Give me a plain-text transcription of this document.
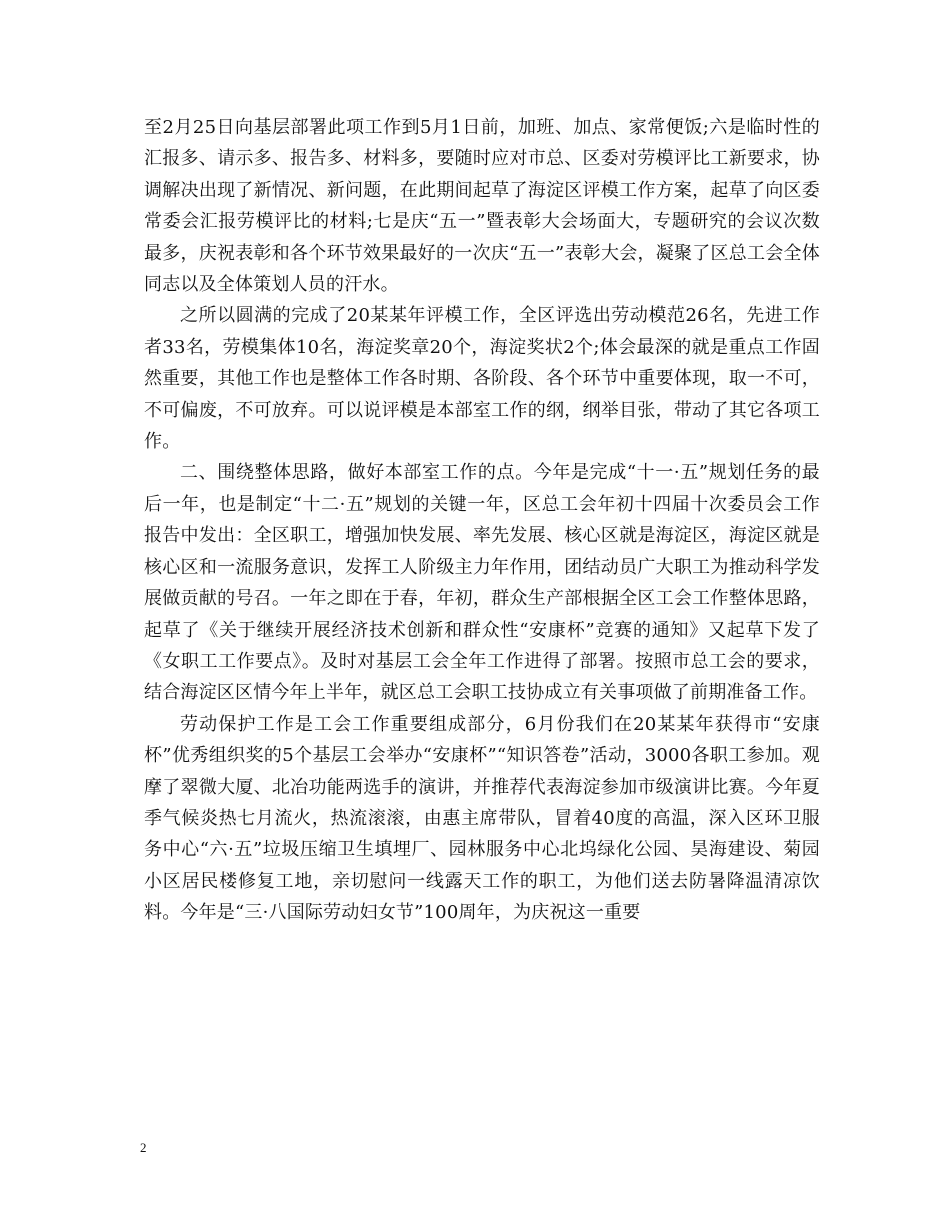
至2月25日向基层部署此项工作到5月1日前，加班、加点、家常便饭;六是临时性的汇报多、请示多、报告多、材料多，要随时应对市总、区委对劳模评比工新要求，协调解决出现了新情况、新问题，在此期间起草了海淀区评模工作方案，起草了向区委常委会汇报劳模评比的材料;七是庆“五一”暨表彰大会场面大，专题研究的会议次数最多，庆祝表彰和各个环节效果最好的一次庆“五一”表彰大会，凝聚了区总工会全体同志以及全体策划人员的汗水。

之所以圆满的完成了20某某年评模工作，全区评选出劳动模范26名，先进工作者33名，劳模集体10名，海淀奖章20个，海淀奖状2个;体会最深的就是重点工作固然重要，其他工作也是整体工作各时期、各阶段、各个环节中重要体现，取一不可，不可偏废，不可放弃。可以说评模是本部室工作的纲，纲举目张，带动了其它各项工作。

二、围绕整体思路，做好本部室工作的点。今年是完成“十一·五”规划任务的最后一年，也是制定“十二·五”规划的关键一年，区总工会年初十四届十次委员会工作报告中发出：全区职工，增强加快发展、率先发展、核心区就是海淀区，海淀区就是核心区和一流服务意识，发挥工人阶级主力年作用，团结动员广大职工为推动科学发展做贡献的号召。一年之即在于春，年初，群众生产部根据全区工会工作整体思路，起草了《关于继续开展经济技术创新和群众性“安康杯”竞赛的通知》又起草下发了《女职工工作要点》。及时对基层工会全年工作进得了部署。按照市总工会的要求，结合海淀区区情今年上半年，就区总工会职工技协成立有关事项做了前期准备工作。

劳动保护工作是工会工作重要组成部分，6月份我们在20某某年获得市“安康杯”优秀组织奖的5个基层工会举办“安康杯”“知识答卷”活动，3000各职工参加。观摩了翠微大厦、北冶功能两选手的演讲，并推荐代表海淀参加市级演讲比赛。今年夏季气候炎热七月流火，热流滚滚，由惠主席带队，冒着40度的高温，深入区环卫服务中心“六·五”垃圾压缩卫生填埋厂、园林服务中心北坞绿化公园、昊海建设、菊园小区居民楼修复工地，亲切慰问一线露天工作的职工，为他们送去防暑降温清凉饮料。今年是“三·八国际劳动妇女节”100周年，为庆祝这一重要

2
